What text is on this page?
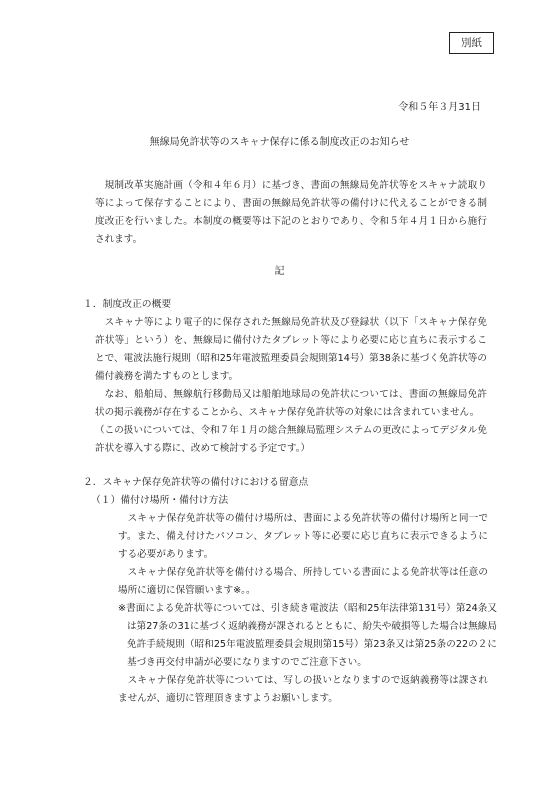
別紙
令和５年３月31日
無線局免許状等のスキャナ保存に係る制度改正のお知らせ
規制改革実施計画（令和４年６月）に基づき、書面の無線局免許状等をスキャナ読取り等によって保存することにより、書面の無線局免許状等の備付けに代えることができる制度改正を行いました。本制度の概要等は下記のとおりであり、令和５年４月１日から施行されます。
記
１．制度改正の概要
スキャナ等により電子的に保存された無線局免許状及び登録状（以下「スキャナ保存免許状等」という）を、無線局に備付けたタブレット等により必要に応じ直ちに表示することで、電波法施行規則（昭和25年電波監理委員会規則第14号）第38条に基づく免許状等の備付義務を満たすものとします。
なお、船舶局、無線航行移動局又は船舶地球局の免許状については、書面の無線局免許状の掲示義務が存在することから、スキャナ保存免許状等の対象には含まれていません。
（この扱いについては、令和７年１月の総合無線局監理システムの更改によってデジタル免許状を導入する際に、改めて検討する予定です。）
２．スキャナ保存免許状等の備付けにおける留意点
（１）備付け場所・備付け方法
スキャナ保存免許状等の備付け場所は、書面による免許状等の備付け場所と同一です。また、備え付けたパソコン、タブレット等に必要に応じ直ちに表示できるようにする必要があります。
スキャナ保存免許状等を備付ける場合、所持している書面による免許状等は任意の場所に適切に保管願います※。。
※書面による免許状等については、引き続き電波法（昭和25年法律第131号）第24条又は第27条の31に基づく返納義務が課されるとともに、紛失や破損等した場合は無線局免許手続規則（昭和25年電波監理委員会規則第15号）第23条又は第25条の22の２に基づき再交付申請が必要になりますのでご注意下さい。
スキャナ保存免許状等については、写しの扱いとなりますので返納義務等は課されませんが、適切に管理頂きますようお願いします。
